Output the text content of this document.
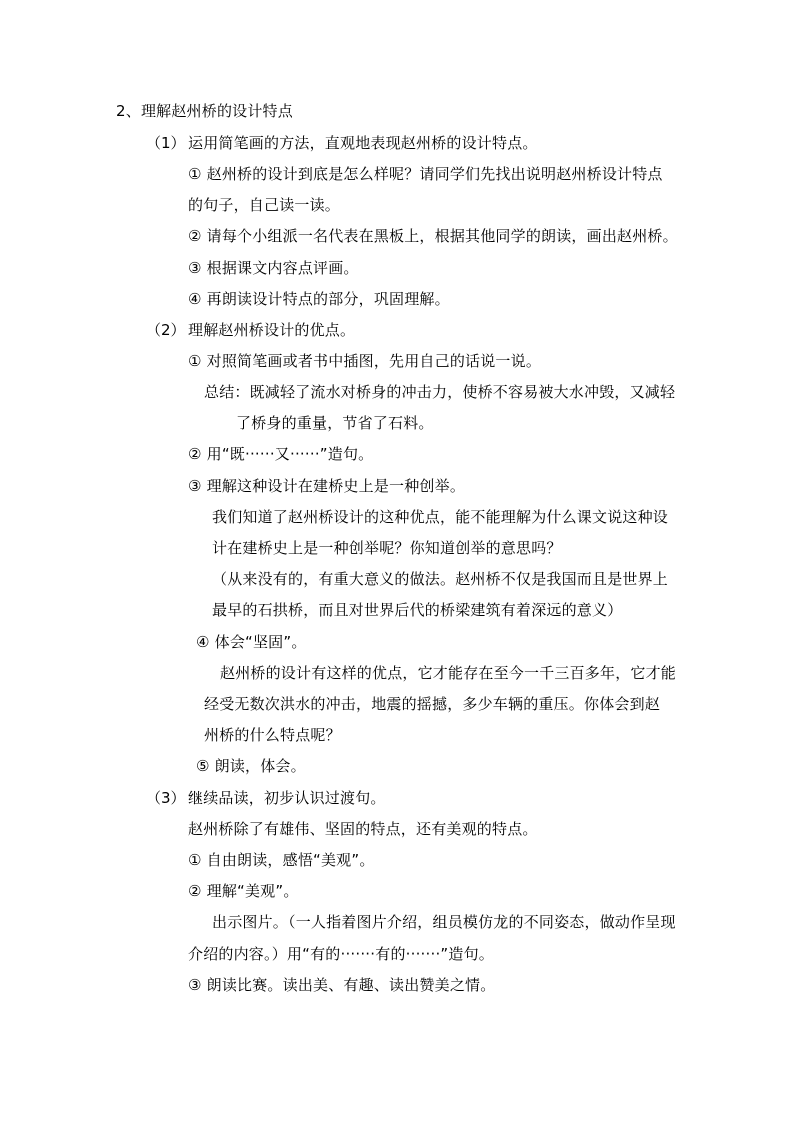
2、理解赵州桥的设计特点
（1） 运用简笔画的方法，直观地表现赵州桥的设计特点。
① 赵州桥的设计到底是怎么样呢？请同学们先找出说明赵州桥设计特点
的句子，自己读一读。
② 请每个小组派一名代表在黑板上，根据其他同学的朗读，画出赵州桥。
③ 根据课文内容点评画。
④ 再朗读设计特点的部分，巩固理解。
（2） 理解赵州桥设计的优点。
① 对照简笔画或者书中插图，先用自己的话说一说。
总结：既减轻了流水对桥身的冲击力，使桥不容易被大水冲毁，又减轻
了桥身的重量，节省了石料。
② 用“既······又······”造句。
③ 理解这种设计在建桥史上是一种创举。
我们知道了赵州桥设计的这种优点，能不能理解为什么课文说这种设
计在建桥史上是一种创举呢？你知道创举的意思吗？
（从来没有的，有重大意义的做法。赵州桥不仅是我国而且是世界上
最早的石拱桥，而且对世界后代的桥梁建筑有着深远的意义）
④ 体会“坚固”。
赵州桥的设计有这样的优点，它才能存在至今一千三百多年，它才能
经受无数次洪水的冲击，地震的摇撼，多少车辆的重压。你体会到赵
州桥的什么特点呢？
⑤ 朗读，体会。
（3） 继续品读，初步认识过渡句。
赵州桥除了有雄伟、坚固的特点，还有美观的特点。
① 自由朗读，感悟“美观”。
② 理解“美观”。
出示图片。（一人指着图片介绍，组员模仿龙的不同姿态，做动作呈现
介绍的内容。）用“有的·······有的·······”造句。
③ 朗读比赛。读出美、有趣、读出赞美之情。
